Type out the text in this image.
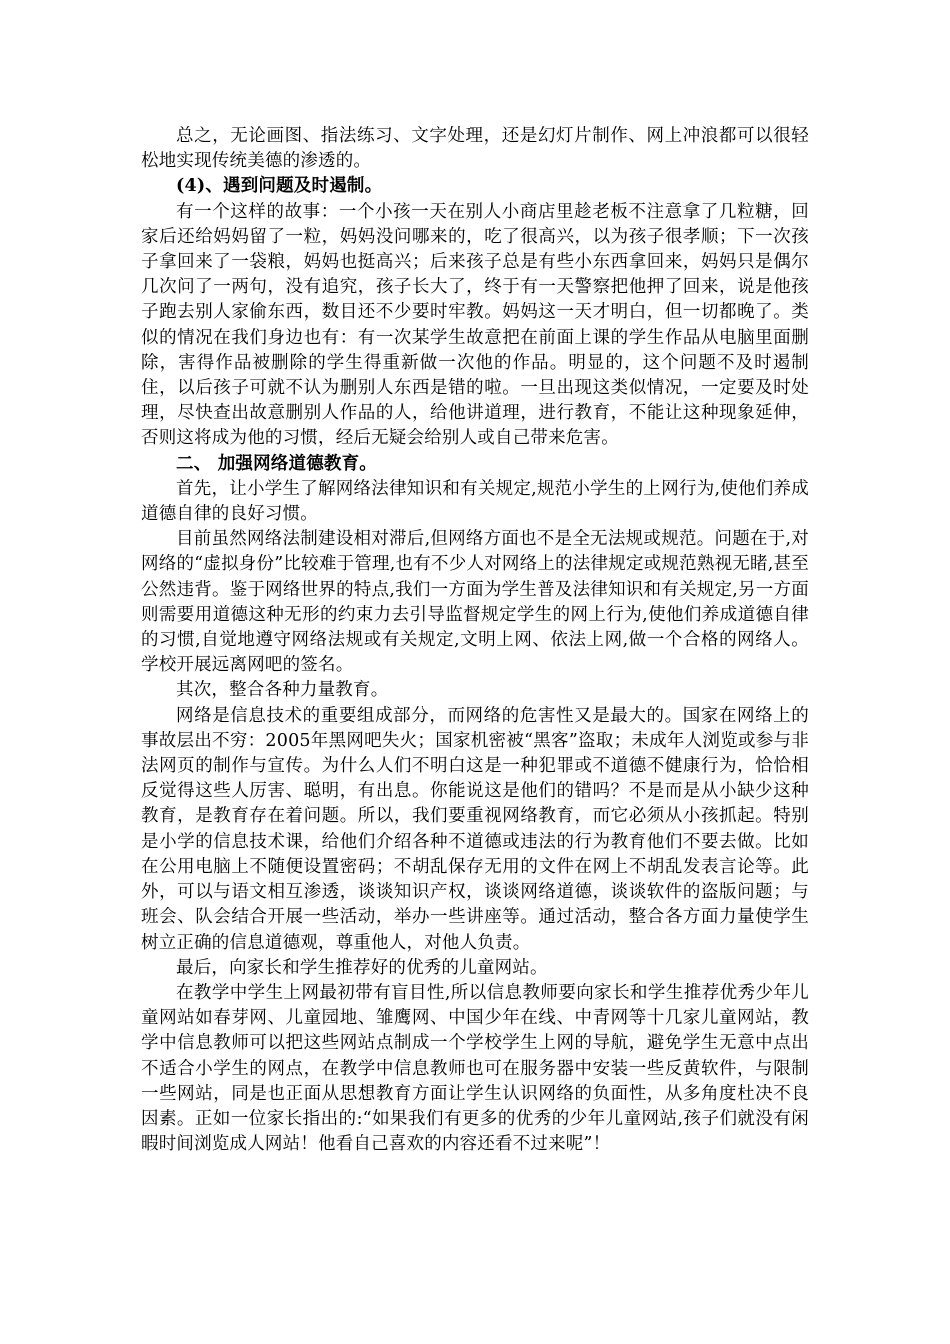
总之，无论画图、指法练习、文字处理，还是幻灯片制作、网上冲浪都可以很轻松地实现传统美德的渗透的。

(4)、遇到问题及时遏制。

有一个这样的故事：一个小孩一天在别人小商店里趁老板不注意拿了几粒糖，回家后还给妈妈留了一粒，妈妈没问哪来的，吃了很高兴，以为孩子很孝顺；下一次孩子拿回来了一袋粮，妈妈也挺高兴；后来孩子总是有些小东西拿回来，妈妈只是偶尔几次问了一两句，没有追究，孩子长大了，终于有一天警察把他押了回来，说是他孩子跑去别人家偷东西，数目还不少要时牢教。妈妈这一天才明白，但一切都晚了。类似的情况在我们身边也有：有一次某学生故意把在前面上课的学生作品从电脑里面删除，害得作品被删除的学生得重新做一次他的作品。明显的，这个问题不及时遏制住，以后孩子可就不认为删别人东西是错的啦。一旦出现这类似情况，一定要及时处理，尽快查出故意删别人作品的人，给他讲道理，进行教育，不能让这种现象延伸，否则这将成为他的习惯，经后无疑会给别人或自己带来危害。

二、 加强网络道德教育。

首先，让小学生了解网络法律知识和有关规定,规范小学生的上网行为,使他们养成道德自律的良好习惯。

目前虽然网络法制建设相对滞后,但网络方面也不是全无法规或规范。问题在于,对网络的“虚拟身份”比较难于管理,也有不少人对网络上的法律规定或规范熟视无睹,甚至公然违背。鉴于网络世界的特点,我们一方面为学生普及法律知识和有关规定,另一方面则需要用道德这种无形的约束力去引导监督规定学生的网上行为,使他们养成道德自律的习惯,自觉地遵守网络法规或有关规定,文明上网、依法上网,做一个合格的网络人。学校开展远离网吧的签名。

其次，整合各种力量教育。

网络是信息技术的重要组成部分，而网络的危害性又是最大的。国家在网络上的事故层出不穷：2005年黑网吧失火；国家机密被“黑客”盗取；未成年人浏览或参与非法网页的制作与宣传。为什么人们不明白这是一种犯罪或不道德不健康行为，恰恰相反觉得这些人厉害、聪明，有出息。你能说这是他们的错吗？不是而是从小缺少这种教育，是教育存在着问题。所以，我们要重视网络教育，而它必须从小孩抓起。特别是小学的信息技术课，给他们介绍各种不道德或违法的行为教育他们不要去做。比如在公用电脑上不随便设置密码；不胡乱保存无用的文件在网上不胡乱发表言论等。此外，可以与语文相互渗透，谈谈知识产权，谈谈网络道德，谈谈软件的盗版问题；与班会、队会结合开展一些活动，举办一些讲座等。通过活动，整合各方面力量使学生树立正确的信息道德观，尊重他人，对他人负责。

最后，向家长和学生推荐好的优秀的儿童网站。

在教学中学生上网最初带有盲目性,所以信息教师要向家长和学生推荐优秀少年儿童网站如春芽网、儿童园地、雏鹰网、中国少年在线、中青网等十几家儿童网站，教学中信息教师可以把这些网站点制成一个学校学生上网的导航，避免学生无意中点出不适合小学生的网点，在教学中信息教师也可在服务器中安装一些反黄软件，与限制一些网站，同是也正面从思想教育方面让学生认识网络的负面性，从多角度杜决不良因素。正如一位家长指出的:“如果我们有更多的优秀的少年儿童网站,孩子们就没有闲暇时间浏览成人网站！他看自己喜欢的内容还看不过来呢”！
